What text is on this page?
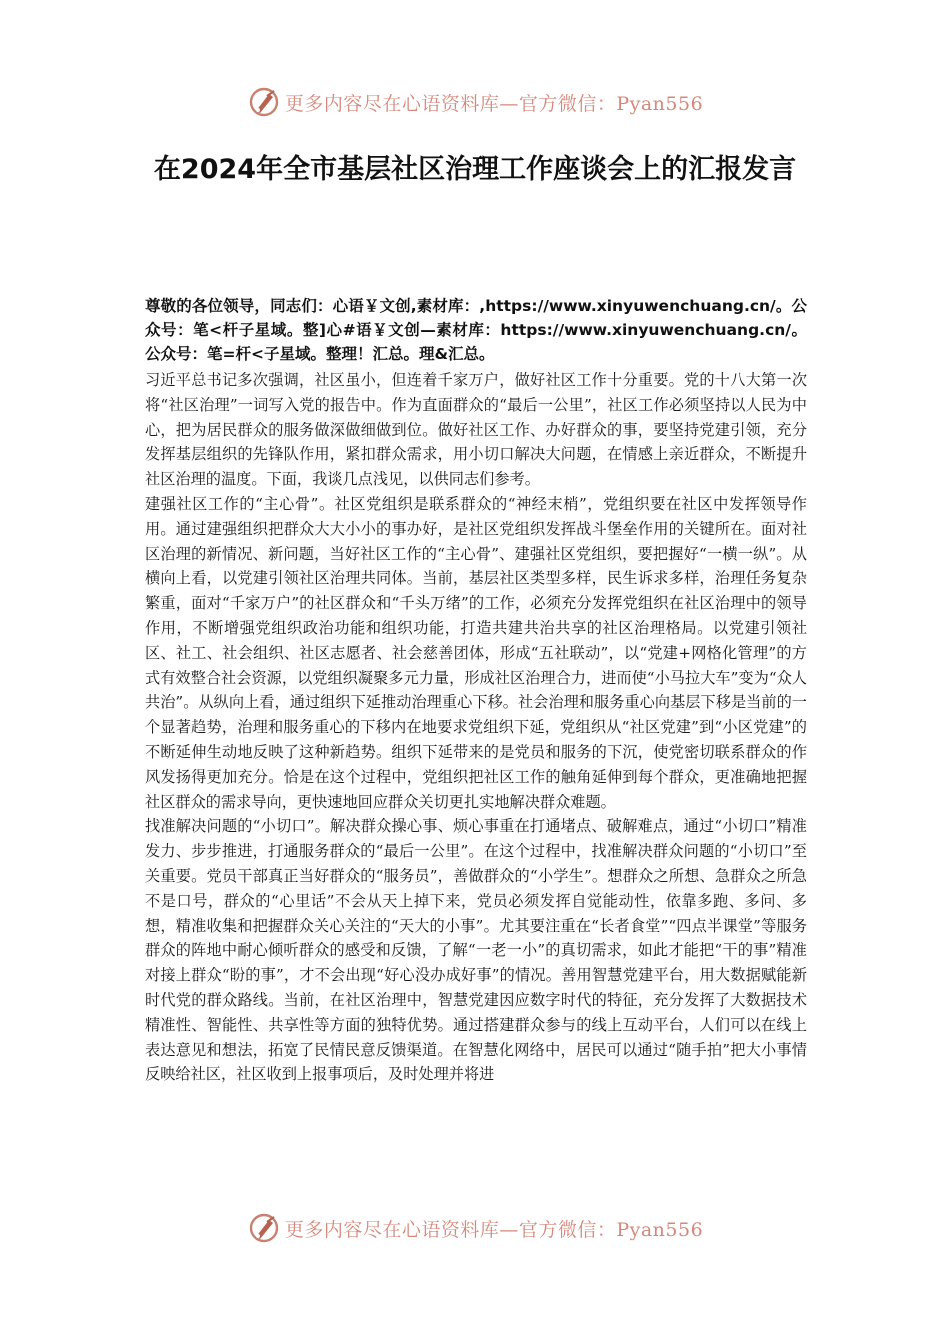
更多内容尽在心语资料库—官方微信：Pyan556
在2024年全市基层社区治理工作座谈会上的汇报发言
尊敬的各位领导，同志们：心语￥文创,素材库：,https://www.xinyuwenchuang.cn/。公众号：笔<杆子星域。整]心#语￥文创—素材库：https://www.xinyuwenchuang.cn/。公众号：笔=杆<子星域。整理！汇总。理&汇总。

习近平总书记多次强调，社区虽小，但连着千家万户，做好社区工作十分重要。党的十八大第一次将“社区治理”一词写入党的报告中。作为直面群众的“最后一公里”，社区工作必须坚持以人民为中心，把为居民群众的服务做深做细做到位。做好社区工作、办好群众的事，要坚持党建引领，充分发挥基层组织的先锋队作用，紧扣群众需求，用小切口解决大问题，在情感上亲近群众，不断提升社区治理的温度。下面，我谈几点浅见，以供同志们参考。

建强社区工作的“主心骨”。社区党组织是联系群众的“神经末梢”，党组织要在社区中发挥领导作用。通过建强组织把群众大大小小的事办好，是社区党组织发挥战斗堡垒作用的关键所在。面对社区治理的新情况、新问题，当好社区工作的“主心骨”、建强社区党组织，要把握好“一横一纵”。从横向上看，以党建引领社区治理共同体。当前，基层社区类型多样，民生诉求多样，治理任务复杂繁重，面对“千家万户”的社区群众和“千头万绪”的工作，必须充分发挥党组织在社区治理中的领导作用，不断增强党组织政治功能和组织功能，打造共建共治共享的社区治理格局。以党建引领社区、社工、社会组织、社区志愿者、社会慈善团体，形成“五社联动”，以“党建+网格化管理”的方式有效整合社会资源，以党组织凝聚多元力量，形成社区治理合力，进而使“小马拉大车”变为“众人共治”。从纵向上看，通过组织下延推动治理重心下移。社会治理和服务重心向基层下移是当前的一个显著趋势，治理和服务重心的下移内在地要求党组织下延，党组织从“社区党建”到“小区党建”的不断延伸生动地反映了这种新趋势。组织下延带来的是党员和服务的下沉，使党密切联系群众的作风发扬得更加充分。恰是在这个过程中，党组织把社区工作的触角延伸到每个群众，更准确地把握社区群众的需求导向，更快速地回应群众关切更扎实地解决群众难题。

找准解决问题的“小切口”。解决群众操心事、烦心事重在打通堵点、破解难点，通过“小切口”精准发力、步步推进，打通服务群众的“最后一公里”。在这个过程中，找准解决群众问题的“小切口”至关重要。党员干部真正当好群众的“服务员”，善做群众的“小学生”。想群众之所想、急群众之所急不是口号，群众的“心里话”不会从天上掉下来，党员必须发挥自觉能动性，依靠多跑、多问、多想，精准收集和把握群众关心关注的“天大的小事”。尤其要注重在“长者食堂”“四点半课堂”等服务群众的阵地中耐心倾听群众的感受和反馈，了解“一老一小”的真切需求，如此才能把“干的事”精准对接上群众“盼的事”，才不会出现“好心没办成好事”的情况。善用智慧党建平台，用大数据赋能新时代党的群众路线。当前，在社区治理中，智慧党建因应数字时代的特征，充分发挥了大数据技术精准性、智能性、共享性等方面的独特优势。通过搭建群众参与的线上互动平台，人们可以在线上表达意见和想法，拓宽了民情民意反馈渠道。在智慧化网络中，居民可以通过“随手拍”把大小事情反映给社区，社区收到上报事项后，及时处理并将进

更多内容尽在心语资料库—官方微信：Pyan556
